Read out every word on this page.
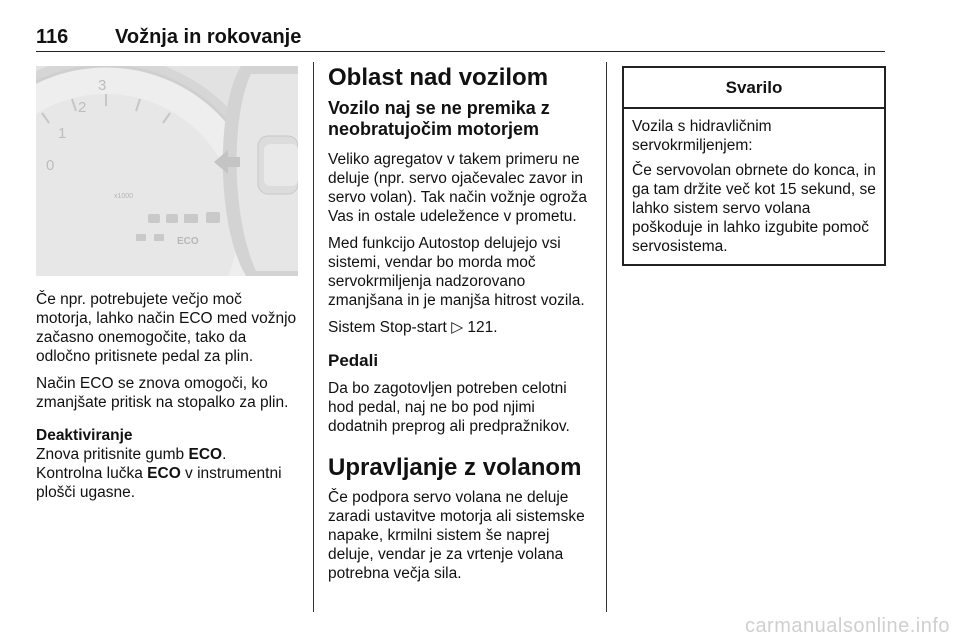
116 Vožnja in rokovanje
3
2
1
0
x1000
ECO

Če npr. potrebujete večjo moč motorja, lahko način ECO med vožnjo začasno onemogočite, tako da odločno pritisnete pedal za plin.

Način ECO se znova omogoči, ko zmanjšate pritisk na stopalko za plin.

Deaktiviranje

Znova pritisnite gumb ECO.
Kontrolna lučka ECO v instrumentni plošči ugasne.

Oblast nad vozilom
Vozilo naj se ne premika z neobratujočim motorjem

Veliko agregatov v takem primeru ne deluje (npr. servo ojačevalec zavor in servo volan). Tak način vožnje ogroža Vas in ostale udeležence v prometu.

Med funkcijo Autostop delujejo vsi sistemi, vendar bo morda moč servokrmiljenja nadzorovano zmanjšana in je manjša hitrost vozila.

Sistem Stop-start ▷ 121.

Pedali

Da bo zagotovljen potreben celotni hod pedal, naj ne bo pod njimi dodatnih preprog ali predpražnikov.

Upravljanje z volanom

Če podpora servo volana ne deluje zaradi ustavitve motorja ali sistemske napake, krmilni sistem še naprej deluje, vendar je za vrtenje volana potrebna večja sila.

Svarilo

Vozila s hidravličnim servokrmiljenjem:

Če servovolan obrnete do konca, in ga tam držite več kot 15 sekund, se lahko sistem servo volana poškoduje in lahko izgubite pomoč servosistema.

carmanualsonline.info
